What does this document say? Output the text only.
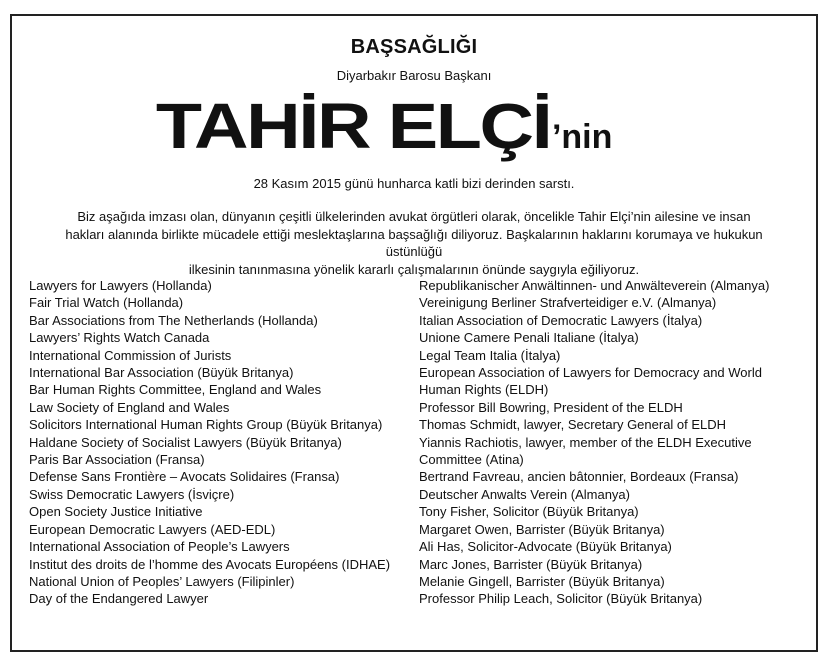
BAŞSAĞLIĞI
Diyarbakır Barosu Başkanı
TAHİR ELÇİ’nin
28 Kasım 2015 günü hunharca katli bizi derinden sarstı.
Biz aşağıda imzası olan, dünyanın çeşitli ülkelerinden avukat örgütleri olarak, öncelikle Tahir Elçi’nin ailesine ve insan
hakları alanında birlikte mücadele ettiği meslektaşlarına başsağlığı diliyoruz. Başkalarının haklarını korumaya ve hukukun üstünlüğü
ilkesinin tanınmasına yönelik kararlı çalışmalarının önünde saygıyla eğiliyoruz.
Lawyers for Lawyers (Hollanda)
Fair Trial Watch (Hollanda)
Bar Associations from The Netherlands (Hollanda)
Lawyers’ Rights Watch Canada
International Commission of Jurists
International Bar Association (Büyük Britanya)
Bar Human Rights Committee, England and Wales
Law Society of England and Wales
Solicitors International Human Rights Group (Büyük Britanya)
Haldane Society of Socialist Lawyers (Büyük Britanya)
Paris Bar Association (Fransa)
Defense Sans Frontière – Avocats Solidaires (Fransa)
Swiss Democratic Lawyers (İsviçre)
Open Society Justice Initiative
European Democratic Lawyers (AED-EDL)
International Association of People’s Lawyers
Institut des droits de l’homme des Avocats Européens (IDHAE)
National Union of Peoples’ Lawyers (Filipinler)
Day of the Endangered Lawyer
Republikanischer Anwältinnen- und Anwälteverein (Almanya)
Vereinigung Berliner Strafverteidiger e.V. (Almanya)
Italian Association of Democratic Lawyers (İtalya)
Unione Camere Penali Italiane (İtalya)
Legal Team Italia (İtalya)
European Association of Lawyers for Democracy and World
Human Rights (ELDH)
Professor Bill Bowring, President of the ELDH
Thomas Schmidt, lawyer, Secretary General of ELDH
Yiannis Rachiotis, lawyer, member of the ELDH Executive
Committee (Atina)
Bertrand Favreau, ancien bâtonnier, Bordeaux (Fransa)
Deutscher Anwalts Verein (Almanya)
Tony Fisher, Solicitor (Büyük Britanya)
Margaret Owen, Barrister (Büyük Britanya)
Ali Has, Solicitor-Advocate (Büyük Britanya)
Marc Jones, Barrister (Büyük Britanya)
Melanie Gingell, Barrister (Büyük Britanya)
Professor Philip Leach, Solicitor (Büyük Britanya)
